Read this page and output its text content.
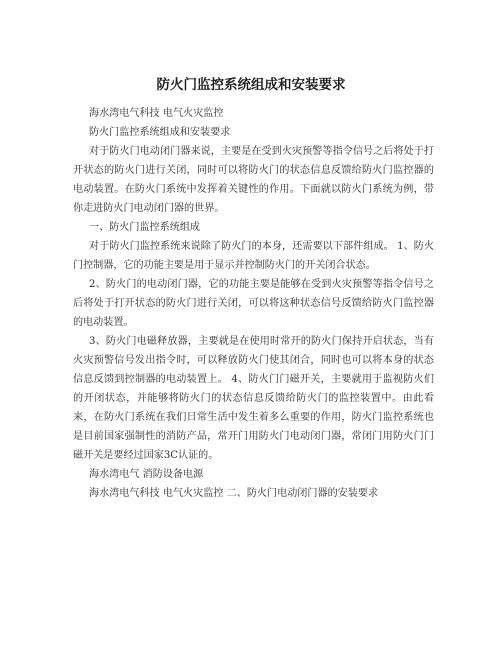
防火门监控系统组成和安装要求

海水湾电气科技 电气火灾监控

防火门监控系统组成和安装要求

对于防火门电动闭门器来说，主要是在受到火灾预警等指令信号之后将处于打开状态的防火门进行关闭，同时可以将防火门的状态信息反馈给防火门监控器的电动装置。在防火门系统中发挥着关键性的作用。下面就以防火门系统为例，带你走进防火门电动闭门器的世界。

一、防火门监控系统组成

对于防火门监控系统来说除了防火门的本身，还需要以下部件组成。 1、防火门控制器，它的功能主要是用于显示并控制防火门的开关闭合状态。

2、防火门的电动闭门器，它的功能主要是能够在受到火灾预警等指令信号之后将处于打开状态的防火门进行关闭，可以将这种状态信号反馈给防火门监控器的电动装置。

3、防火门电磁释放器，主要就是在使用时常开的防火门保持开启状态，当有火灾预警信号发出指令时，可以释放防火门使其闭合，同时也可以将本身的状态信息反馈到控制器的电动装置上。 4、防火门门磁开关，主要就用于监视防火们的开闭状态，并能够将防火门的状态信息反馈给防火门的监控装置中。由此看来，在防火门系统在我们日常生活中发生着多么重要的作用，防火门监控系统也是目前国家强制性的消防产品，常开门用防火门电动闭门器，常闭门用防火门门磁开关是要经过国家3C认证的。

海水湾电气 消防设备电源

海水湾电气科技 电气火灾监控 二、防火门电动闭门器的安装要求
